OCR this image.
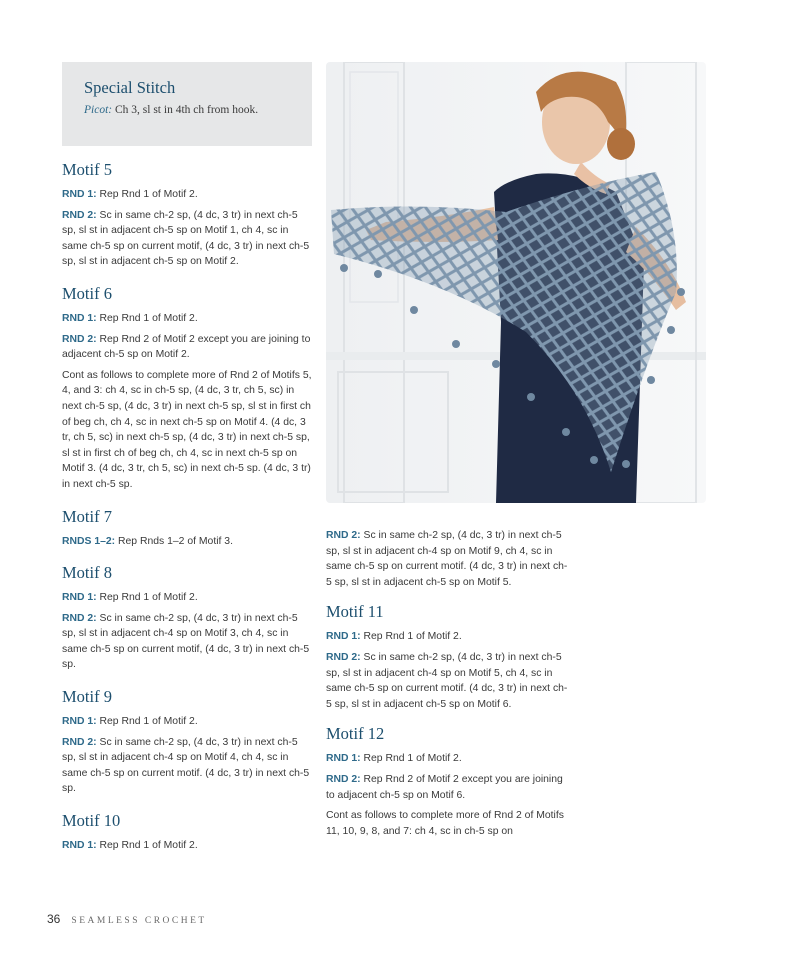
Special Stitch

Picot: Ch 3, sl st in 4th ch from hook.

Motif 5

RND 1: Rep Rnd 1 of Motif 2.

RND 2: Sc in same ch-2 sp, (4 dc, 3 tr) in next ch-5 sp, sl st in adjacent ch-5 sp on Motif 1, ch 4, sc in same ch-5 sp on current motif, (4 dc, 3 tr) in next ch-5 sp, sl st in adjacent ch-5 sp on Motif 2.

Motif 6

RND 1: Rep Rnd 1 of Motif 2.

RND 2: Rep Rnd 2 of Motif 2 except you are joining to adjacent ch-5 sp on Motif 2.

Cont as follows to complete more of Rnd 2 of Motifs 5, 4, and 3: ch 4, sc in ch-5 sp, (4 dc, 3 tr, ch 5, sc) in next ch-5 sp, (4 dc, 3 tr) in next ch-5 sp, sl st in first ch of beg ch, ch 4, sc in next ch-5 sp on Motif 4. (4 dc, 3 tr, ch 5, sc) in next ch-5 sp, (4 dc, 3 tr) in next ch-5 sp, sl st in first ch of beg ch, ch 4, sc in next ch-5 sp on Motif 3. (4 dc, 3 tr, ch 5, sc) in next ch-5 sp. (4 dc, 3 tr) in next ch-5 sp.

Motif 7

RNDS 1–2: Rep Rnds 1–2 of Motif 3.

Motif 8

RND 1: Rep Rnd 1 of Motif 2.

RND 2: Sc in same ch-2 sp, (4 dc, 3 tr) in next ch-5 sp, sl st in adjacent ch-4 sp on Motif 3, ch 4, sc in same ch-5 sp on current motif, (4 dc, 3 tr) in next ch-5 sp.

Motif 9

RND 1: Rep Rnd 1 of Motif 2.

RND 2: Sc in same ch-2 sp, (4 dc, 3 tr) in next ch-5 sp, sl st in adjacent ch-4 sp on Motif 4, ch 4, sc in same ch-5 sp on current motif. (4 dc, 3 tr) in next ch-5 sp.

Motif 10

RND 1: Rep Rnd 1 of Motif 2.

RND 2: Sc in same ch-2 sp, (4 dc, 3 tr) in next ch-5 sp, sl st in adjacent ch-4 sp on Motif 9, ch 4, sc in same ch-5 sp on current motif. (4 dc, 3 tr) in next ch-5 sp, sl st in adjacent ch-5 sp on Motif 5.

Motif 11

RND 1: Rep Rnd 1 of Motif 2.

RND 2: Sc in same ch-2 sp, (4 dc, 3 tr) in next ch-5 sp, sl st in adjacent ch-4 sp on Motif 5, ch 4, sc in same ch-5 sp on current motif. (4 dc, 3 tr) in next ch-5 sp, sl st in adjacent ch-5 sp on Motif 6.

Motif 12

RND 1: Rep Rnd 1 of Motif 2.

RND 2: Rep Rnd 2 of Motif 2 except you are joining to adjacent ch-5 sp on Motif 6.

Cont as follows to complete more of Rnd 2 of Motifs 11, 10, 9, 8, and 7: ch 4, sc in ch-5 sp on

36 SEAMLESS CROCHET
